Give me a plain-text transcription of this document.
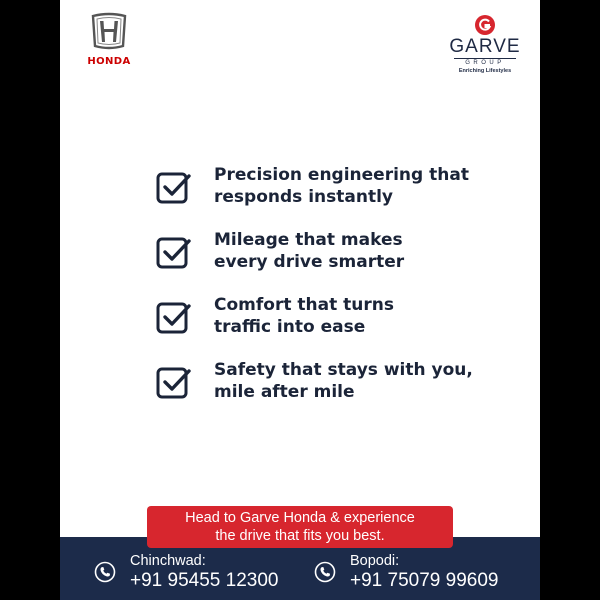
HONDA
GARVE
GROUP
Enriching Lifestyles
Precision engineering that
responds instantly
Mileage that makes
every drive smarter
Comfort that turns
traffic into ease
Safety that stays with you,
mile after mile
Chinchwad:
+91 95455 12300
Bopodi:
+91 75079 99609
Head to Garve Honda & experience
the drive that fits you best.
